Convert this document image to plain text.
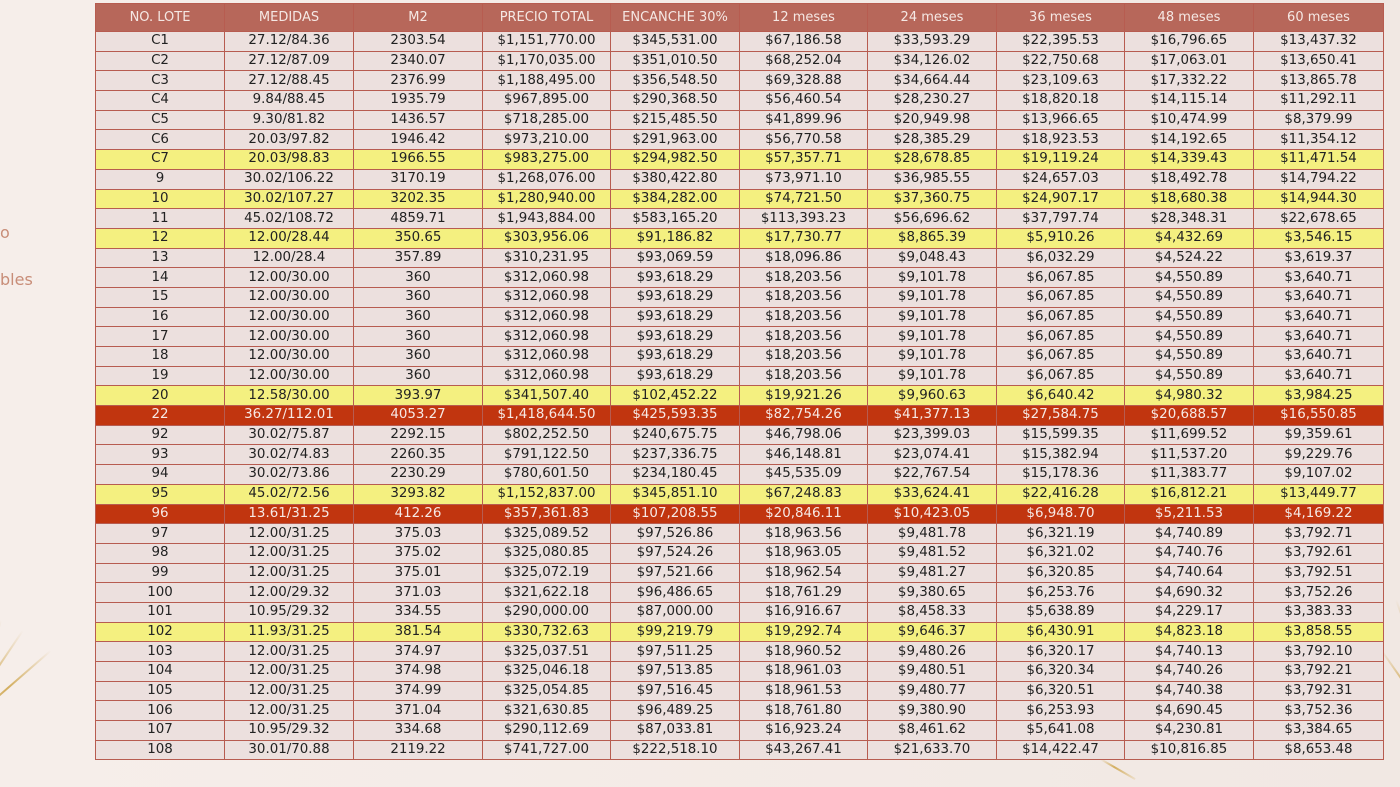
o
bles
NO. LOTE	MEDIDAS	M2	PRECIO TOTAL	ENCANCHE 30%	12 meses	24 meses	36 meses	48 meses	60 meses
C1	27.12/84.36	2303.54	$1,151,770.00	$345,531.00	$67,186.58	$33,593.29	$22,395.53	$16,796.65	$13,437.32
C2	27.12/87.09	2340.07	$1,170,035.00	$351,010.50	$68,252.04	$34,126.02	$22,750.68	$17,063.01	$13,650.41
C3	27.12/88.45	2376.99	$1,188,495.00	$356,548.50	$69,328.88	$34,664.44	$23,109.63	$17,332.22	$13,865.78
C4	9.84/88.45	1935.79	$967,895.00	$290,368.50	$56,460.54	$28,230.27	$18,820.18	$14,115.14	$11,292.11
C5	9.30/81.82	1436.57	$718,285.00	$215,485.50	$41,899.96	$20,949.98	$13,966.65	$10,474.99	$8,379.99
C6	20.03/97.82	1946.42	$973,210.00	$291,963.00	$56,770.58	$28,385.29	$18,923.53	$14,192.65	$11,354.12
C7	20.03/98.83	1966.55	$983,275.00	$294,982.50	$57,357.71	$28,678.85	$19,119.24	$14,339.43	$11,471.54
9	30.02/106.22	3170.19	$1,268,076.00	$380,422.80	$73,971.10	$36,985.55	$24,657.03	$18,492.78	$14,794.22
10	30.02/107.27	3202.35	$1,280,940.00	$384,282.00	$74,721.50	$37,360.75	$24,907.17	$18,680.38	$14,944.30
11	45.02/108.72	4859.71	$1,943,884.00	$583,165.20	$113,393.23	$56,696.62	$37,797.74	$28,348.31	$22,678.65
12	12.00/28.44	350.65	$303,956.06	$91,186.82	$17,730.77	$8,865.39	$5,910.26	$4,432.69	$3,546.15
13	12.00/28.4	357.89	$310,231.95	$93,069.59	$18,096.86	$9,048.43	$6,032.29	$4,524.22	$3,619.37
14	12.00/30.00	360	$312,060.98	$93,618.29	$18,203.56	$9,101.78	$6,067.85	$4,550.89	$3,640.71
15	12.00/30.00	360	$312,060.98	$93,618.29	$18,203.56	$9,101.78	$6,067.85	$4,550.89	$3,640.71
16	12.00/30.00	360	$312,060.98	$93,618.29	$18,203.56	$9,101.78	$6,067.85	$4,550.89	$3,640.71
17	12.00/30.00	360	$312,060.98	$93,618.29	$18,203.56	$9,101.78	$6,067.85	$4,550.89	$3,640.71
18	12.00/30.00	360	$312,060.98	$93,618.29	$18,203.56	$9,101.78	$6,067.85	$4,550.89	$3,640.71
19	12.00/30.00	360	$312,060.98	$93,618.29	$18,203.56	$9,101.78	$6,067.85	$4,550.89	$3,640.71
20	12.58/30.00	393.97	$341,507.40	$102,452.22	$19,921.26	$9,960.63	$6,640.42	$4,980.32	$3,984.25
22	36.27/112.01	4053.27	$1,418,644.50	$425,593.35	$82,754.26	$41,377.13	$27,584.75	$20,688.57	$16,550.85
92	30.02/75.87	2292.15	$802,252.50	$240,675.75	$46,798.06	$23,399.03	$15,599.35	$11,699.52	$9,359.61
93	30.02/74.83	2260.35	$791,122.50	$237,336.75	$46,148.81	$23,074.41	$15,382.94	$11,537.20	$9,229.76
94	30.02/73.86	2230.29	$780,601.50	$234,180.45	$45,535.09	$22,767.54	$15,178.36	$11,383.77	$9,107.02
95	45.02/72.56	3293.82	$1,152,837.00	$345,851.10	$67,248.83	$33,624.41	$22,416.28	$16,812.21	$13,449.77
96	13.61/31.25	412.26	$357,361.83	$107,208.55	$20,846.11	$10,423.05	$6,948.70	$5,211.53	$4,169.22
97	12.00/31.25	375.03	$325,089.52	$97,526.86	$18,963.56	$9,481.78	$6,321.19	$4,740.89	$3,792.71
98	12.00/31.25	375.02	$325,080.85	$97,524.26	$18,963.05	$9,481.52	$6,321.02	$4,740.76	$3,792.61
99	12.00/31.25	375.01	$325,072.19	$97,521.66	$18,962.54	$9,481.27	$6,320.85	$4,740.64	$3,792.51
100	12.00/29.32	371.03	$321,622.18	$96,486.65	$18,761.29	$9,380.65	$6,253.76	$4,690.32	$3,752.26
101	10.95/29.32	334.55	$290,000.00	$87,000.00	$16,916.67	$8,458.33	$5,638.89	$4,229.17	$3,383.33
102	11.93/31.25	381.54	$330,732.63	$99,219.79	$19,292.74	$9,646.37	$6,430.91	$4,823.18	$3,858.55
103	12.00/31.25	374.97	$325,037.51	$97,511.25	$18,960.52	$9,480.26	$6,320.17	$4,740.13	$3,792.10
104	12.00/31.25	374.98	$325,046.18	$97,513.85	$18,961.03	$9,480.51	$6,320.34	$4,740.26	$3,792.21
105	12.00/31.25	374.99	$325,054.85	$97,516.45	$18,961.53	$9,480.77	$6,320.51	$4,740.38	$3,792.31
106	12.00/31.25	371.04	$321,630.85	$96,489.25	$18,761.80	$9,380.90	$6,253.93	$4,690.45	$3,752.36
107	10.95/29.32	334.68	$290,112.69	$87,033.81	$16,923.24	$8,461.62	$5,641.08	$4,230.81	$3,384.65
108	30.01/70.88	2119.22	$741,727.00	$222,518.10	$43,267.41	$21,633.70	$14,422.47	$10,816.85	$8,653.48
